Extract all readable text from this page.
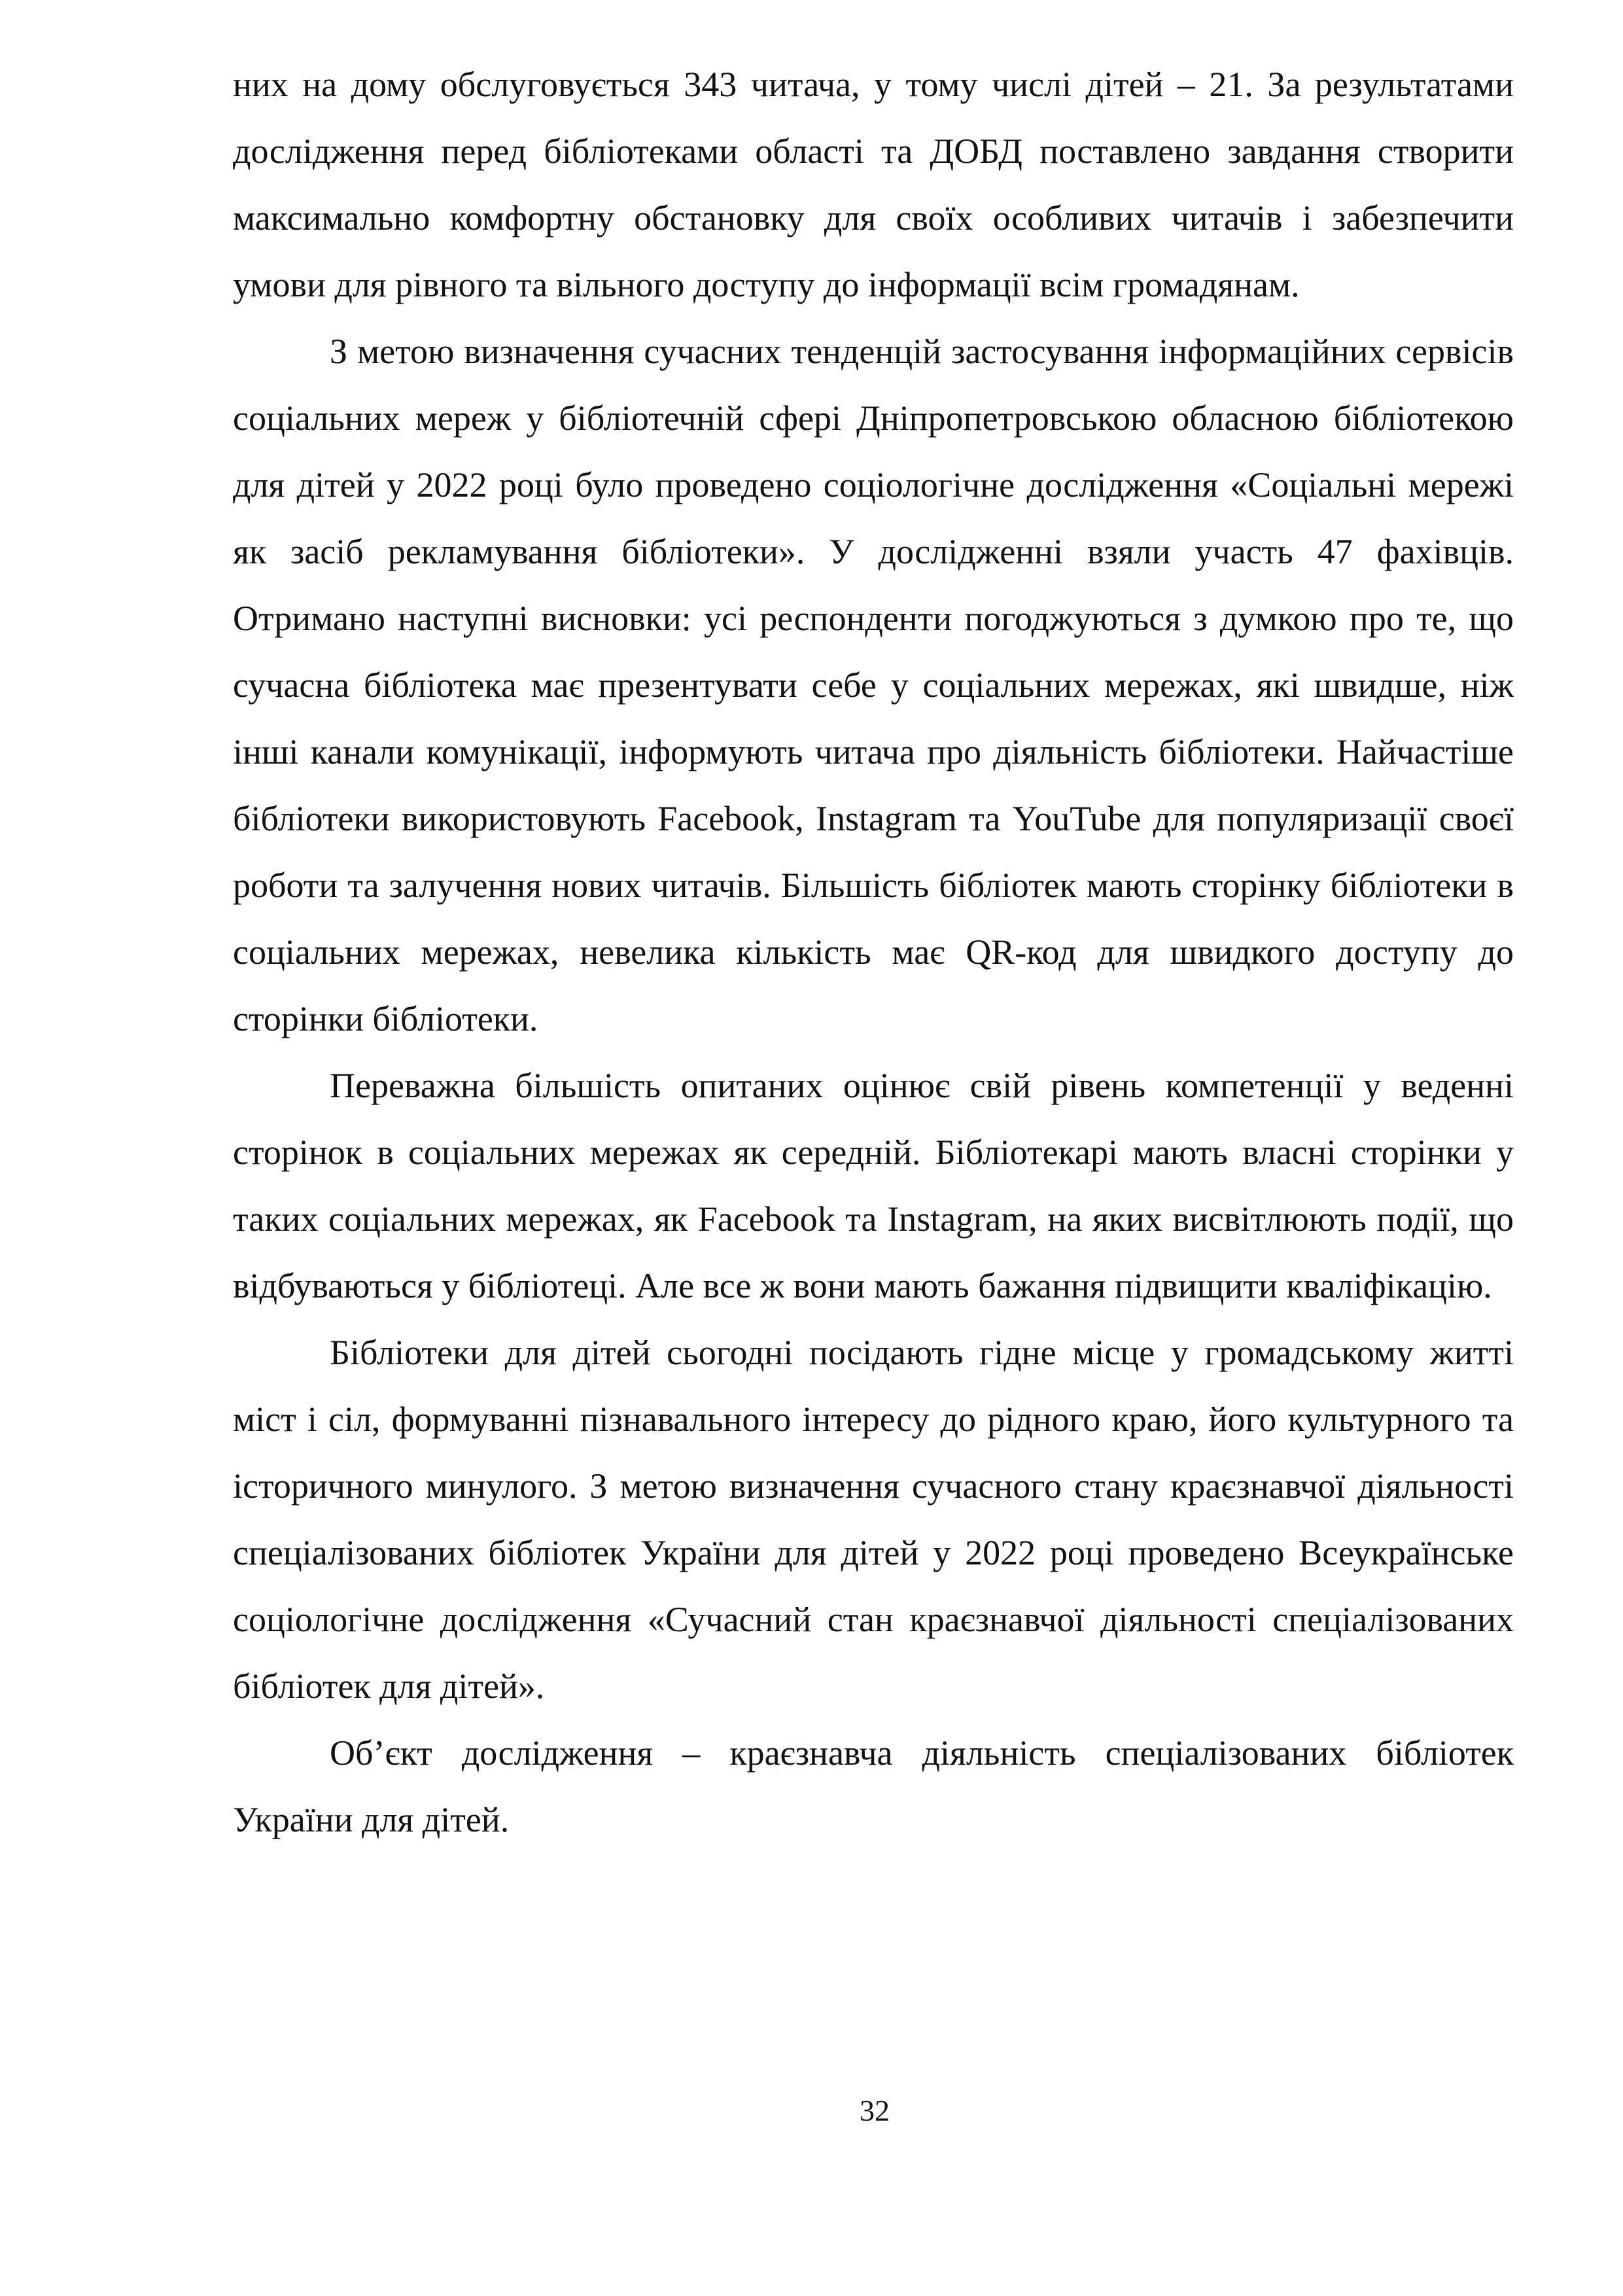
них на дому обслуговується 343 читача, у тому числі дітей – 21. За результатами дослідження перед бібліотеками області та ДОБД поставлено завдання створити максимально комфортну обстановку для своїх особливих читачів і забезпечити умови для рівного та вільного доступу до інформації всім громадянам.

З метою визначення сучасних тенденцій застосування інформаційних сервісів соціальних мереж у бібліотечній сфері Дніпропетровською обласною бібліотекою для дітей у 2022 році було проведено соціологічне дослідження «Соціальні мережі як засіб рекламування бібліотеки». У дослідженні взяли участь 47 фахівців. Отримано наступні висновки: усі респонденти погоджуються з думкою про те, що сучасна бібліотека має презентувати себе у соціальних мережах, які швидше, ніж інші канали комунікації, інформують читача про діяльність бібліотеки. Найчастіше бібліотеки використовують Facebook, Instagram та YouTube для популяризації своєї роботи та залучення нових читачів. Більшість бібліотек мають сторінку бібліотеки в соціальних мережах, невелика кількість має QR-код для швидкого доступу до сторінки бібліотеки.

Переважна більшість опитаних оцінює свій рівень компетенції у веденні сторінок в соціальних мережах як середній. Бібліотекарі мають власні сторінки у таких соціальних мережах, як Facebook та Instagram, на яких висвітлюють події, що відбуваються у бібліотеці. Але все ж вони мають бажання підвищити кваліфікацію.

Бібліотеки для дітей сьогодні посідають гідне місце у громадському житті міст і сіл, формуванні пізнавального інтересу до рідного краю, його культурного та історичного минулого. З метою визначення сучасного стану краєзнавчої діяльності спеціалізованих бібліотек України для дітей у 2022 році проведено Всеукраїнське соціологічне дослідження «Сучасний стан краєзнавчої діяльності спеціалізованих бібліотек для дітей».

Об’єкт дослідження – краєзнавча діяльність спеціалізованих бібліотек України для дітей.

32
